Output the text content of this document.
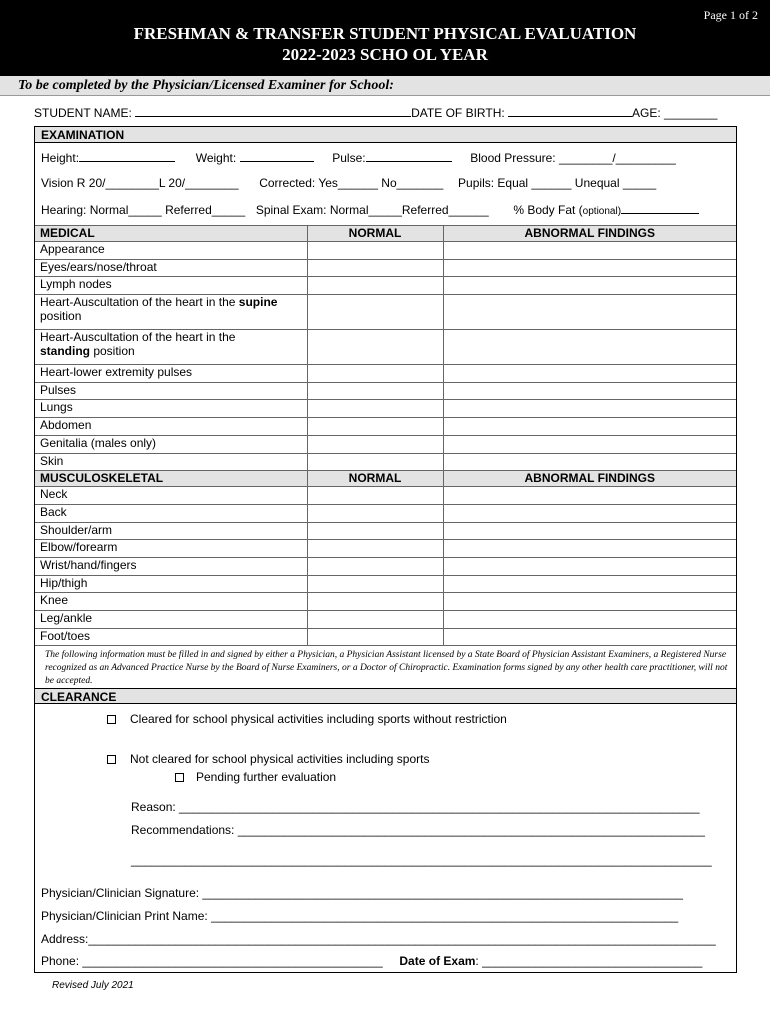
Page 1 of 2
FRESHMAN & TRANSFER STUDENT PHYSICAL EVALUATION
2022-2023 SCHO OL YEAR
To be completed by the Physician/Licensed Examiner for School:
STUDENT NAME:	DATE OF BIRTH:	AGE: ________
EXAMINATION
Height:	Weight:	Pulse:	Blood Pressure: ________/_________
Vision R 20/________L 20/________ Corrected: Yes______ No_______ Pupils: Equal ______ Unequal _____
Hearing: Normal_____ Referred_____ Spinal Exam: Normal_____Referred______ % Body Fat (optional)
MEDICAL	NORMAL	ABNORMAL FINDINGS
Appearance		
Eyes/ears/nose/throat		
Lymph nodes		
Heart-Auscultation of the heart in the supine
position		
Heart-Auscultation of the heart in the
standing position		
Heart-lower extremity pulses		
Pulses		
Lungs		
Abdomen		
Genitalia (males only)		
Skin		
MUSCULOSKELETAL	NORMAL	ABNORMAL FINDINGS
Neck		
Back		
Shoulder/arm		
Elbow/forearm		
Wrist/hand/fingers		
Hip/thigh		
Knee		
Leg/ankle		
Foot/toes		
The following information must be filled in and signed by either a Physician, a Physician Assistant licensed by a State Board of Physician Assistant Examiners, a Registered Nurse recognized as an Advanced Practice Nurse by the Board of Nurse Examiners, or a Doctor of Chiropractic. Examination forms signed by any other health care practitioner, will not be accepted.
CLEARANCE
Cleared for school physical activities including sports without restriction
Not cleared for school physical activities including sports
Pending further evaluation
Reason: ______________________________________________________________________________
Recommendations: ______________________________________________________________________
_______________________________________________________________________________________
Physician/Clinician Signature: ________________________________________________________________________
Physician/Clinician Print Name: ______________________________________________________________________
Address:______________________________________________________________________________________________
Phone: _____________________________________________ Date of Exam: _________________________________
Revised July 2021
